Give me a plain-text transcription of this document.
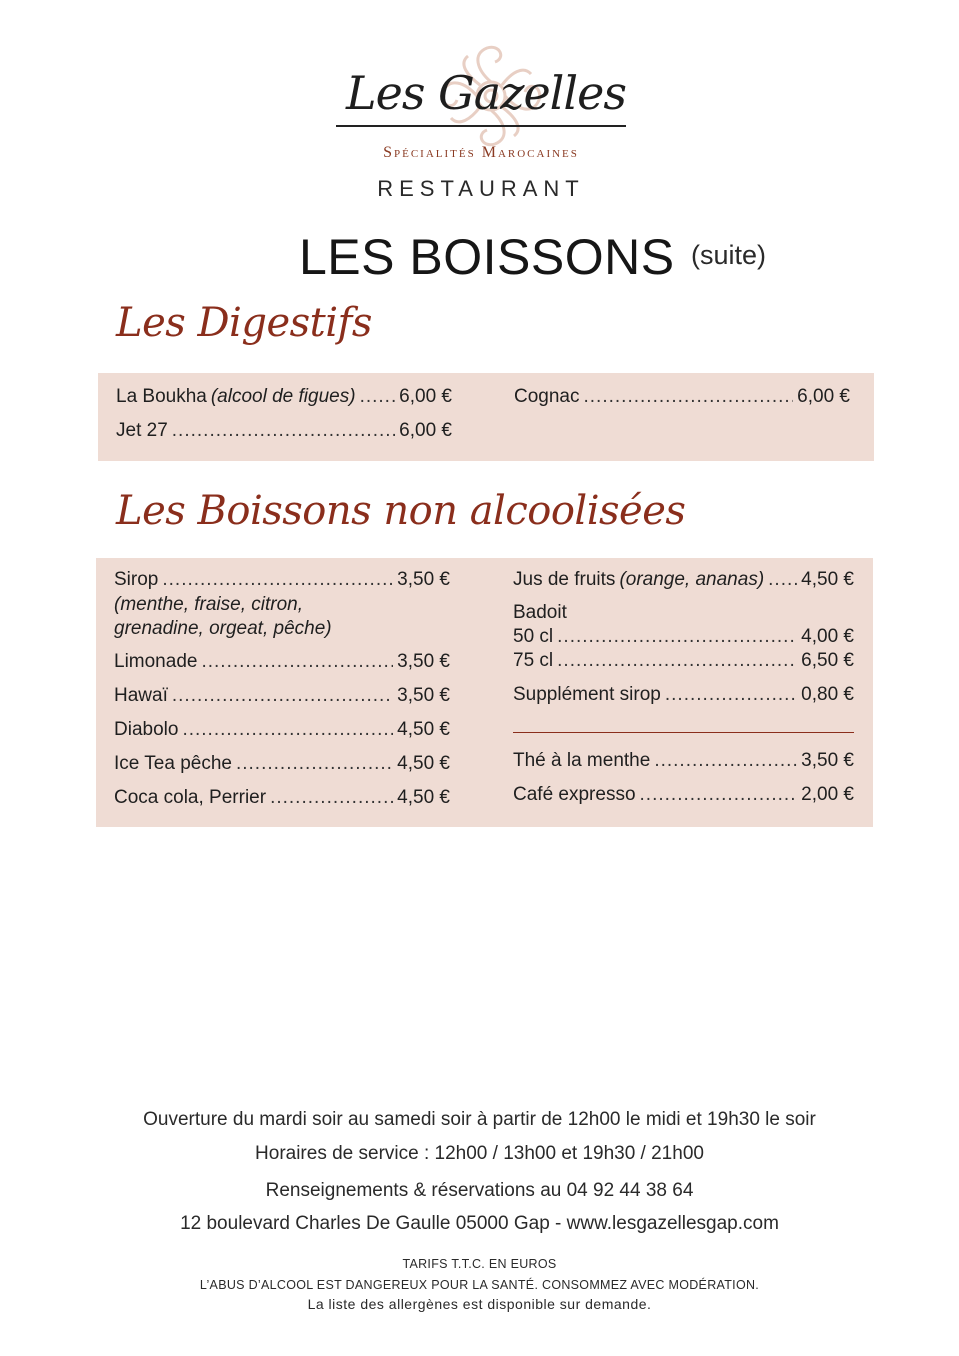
Les Gazelles
Spécialités Marocaines
RESTAURANT
LES BOISSONS (suite)
Les Digestifs
La Boukha (alcool de figues) ..... 6,00 €
Jet 27 .....	6,00 €
Cognac .....	6,00 €
Les Boissons non alcoolisées
Sirop .....	3,50 €
(menthe, fraise, citron,
grenadine, orgeat, pêche)
Limonade .....	3,50 €
Hawaï .....	3,50 €
Diabolo .....	4,50 €
Ice Tea pêche .....	4,50 €
Coca cola, Perrier .....	4,50 €
Jus de fruits (orange, ananas) ..... 4,50 €
Badoit
50 cl .....	4,00 €
75 cl .....	6,50 €
Supplément sirop .....	0,80 €
Thé à la menthe .....	3,50 €
Café expresso .....	2,00 €
Ouverture du mardi soir au samedi soir à partir de 12h00 le midi et 19h30 le soir
Horaires de service : 12h00 / 13h00 et 19h30 / 21h00
Renseignements & réservations au 04 92 44 38 64
12 boulevard Charles De Gaulle 05000 Gap - www.lesgazellesgap.com
TARIFS T.T.C. EN EUROS
L’ABUS D’ALCOOL EST DANGEREUX POUR LA SANTÉ. CONSOMMEZ AVEC MODÉRATION.
La liste des allergènes est disponible sur demande.
